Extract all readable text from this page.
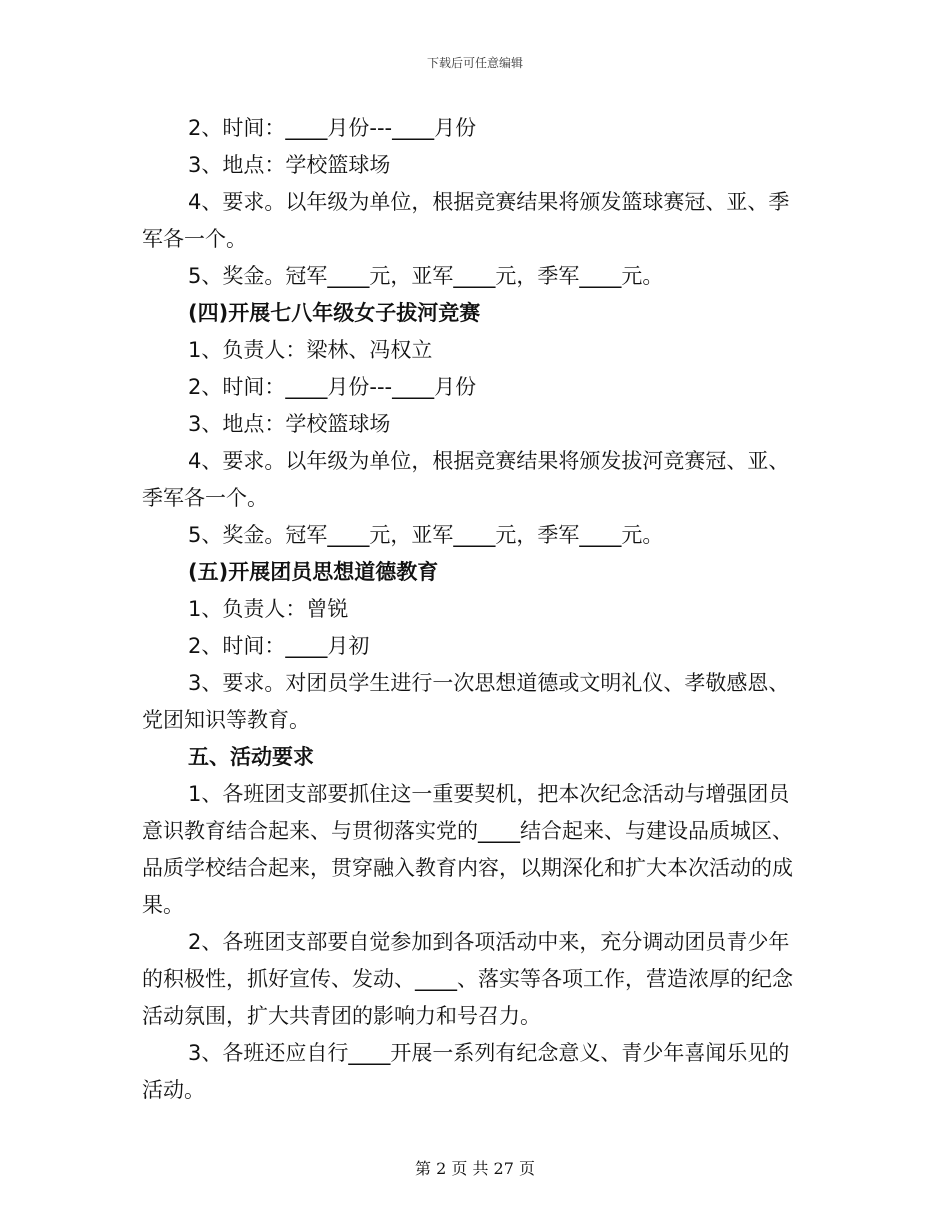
下载后可任意编辑

2、时间：____月份---____月份

3、地点：学校篮球场

4、要求。以年级为单位，根据竞赛结果将颁发篮球赛冠、亚、季军各一个。

5、奖金。冠军____元，亚军____元，季军____元。

(四)开展七八年级女子拔河竞赛

1、负责人：梁林、冯权立

2、时间：____月份---____月份

3、地点：学校篮球场

4、要求。以年级为单位，根据竞赛结果将颁发拔河竞赛冠、亚、季军各一个。

5、奖金。冠军____元，亚军____元，季军____元。

(五)开展团员思想道德教育

1、负责人：曾锐

2、时间：____月初

3、要求。对团员学生进行一次思想道德或文明礼仪、孝敬感恩、党团知识等教育。

五、活动要求

1、各班团支部要抓住这一重要契机，把本次纪念活动与增强团员意识教育结合起来、与贯彻落实党的____结合起来、与建设品质城区、品质学校结合起来，贯穿融入教育内容，以期深化和扩大本次活动的成果。

2、各班团支部要自觉参加到各项活动中来，充分调动团员青少年的积极性，抓好宣传、发动、____、落实等各项工作，营造浓厚的纪念活动氛围，扩大共青团的影响力和号召力。

3、各班还应自行____开展一系列有纪念意义、青少年喜闻乐见的活动。

第 2 页 共 27 页
